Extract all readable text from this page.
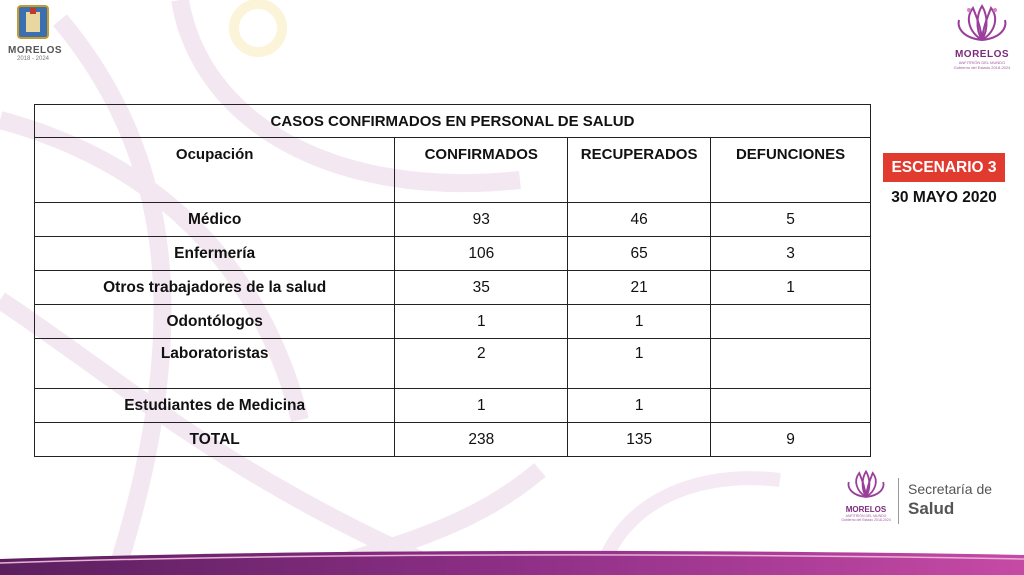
MORELOS
2018 - 2024	MORELOS
ANFITRIÓN DEL MUNDO
Gobierno del Estado 2018-2024
CASOS CONFIRMADOS EN PERSONAL DE SALUD			
Ocupación	CONFIRMADOS	RECUPERADOS	DEFUNCIONES
Médico	93	46	5
Enfermería	106	65	3
Otros trabajadores de la salud	35	21	1
Odontólogos	1	1	
Laboratoristas	2	1	
Estudiantes de Medicina	1	1	
TOTAL	238	135	9
ESCENARIO 3
30 MAYO 2020
MORELOS
ANFITRIÓN DEL MUNDO
Gobierno del Estado 2018-2024
Secretaría de
Salud
